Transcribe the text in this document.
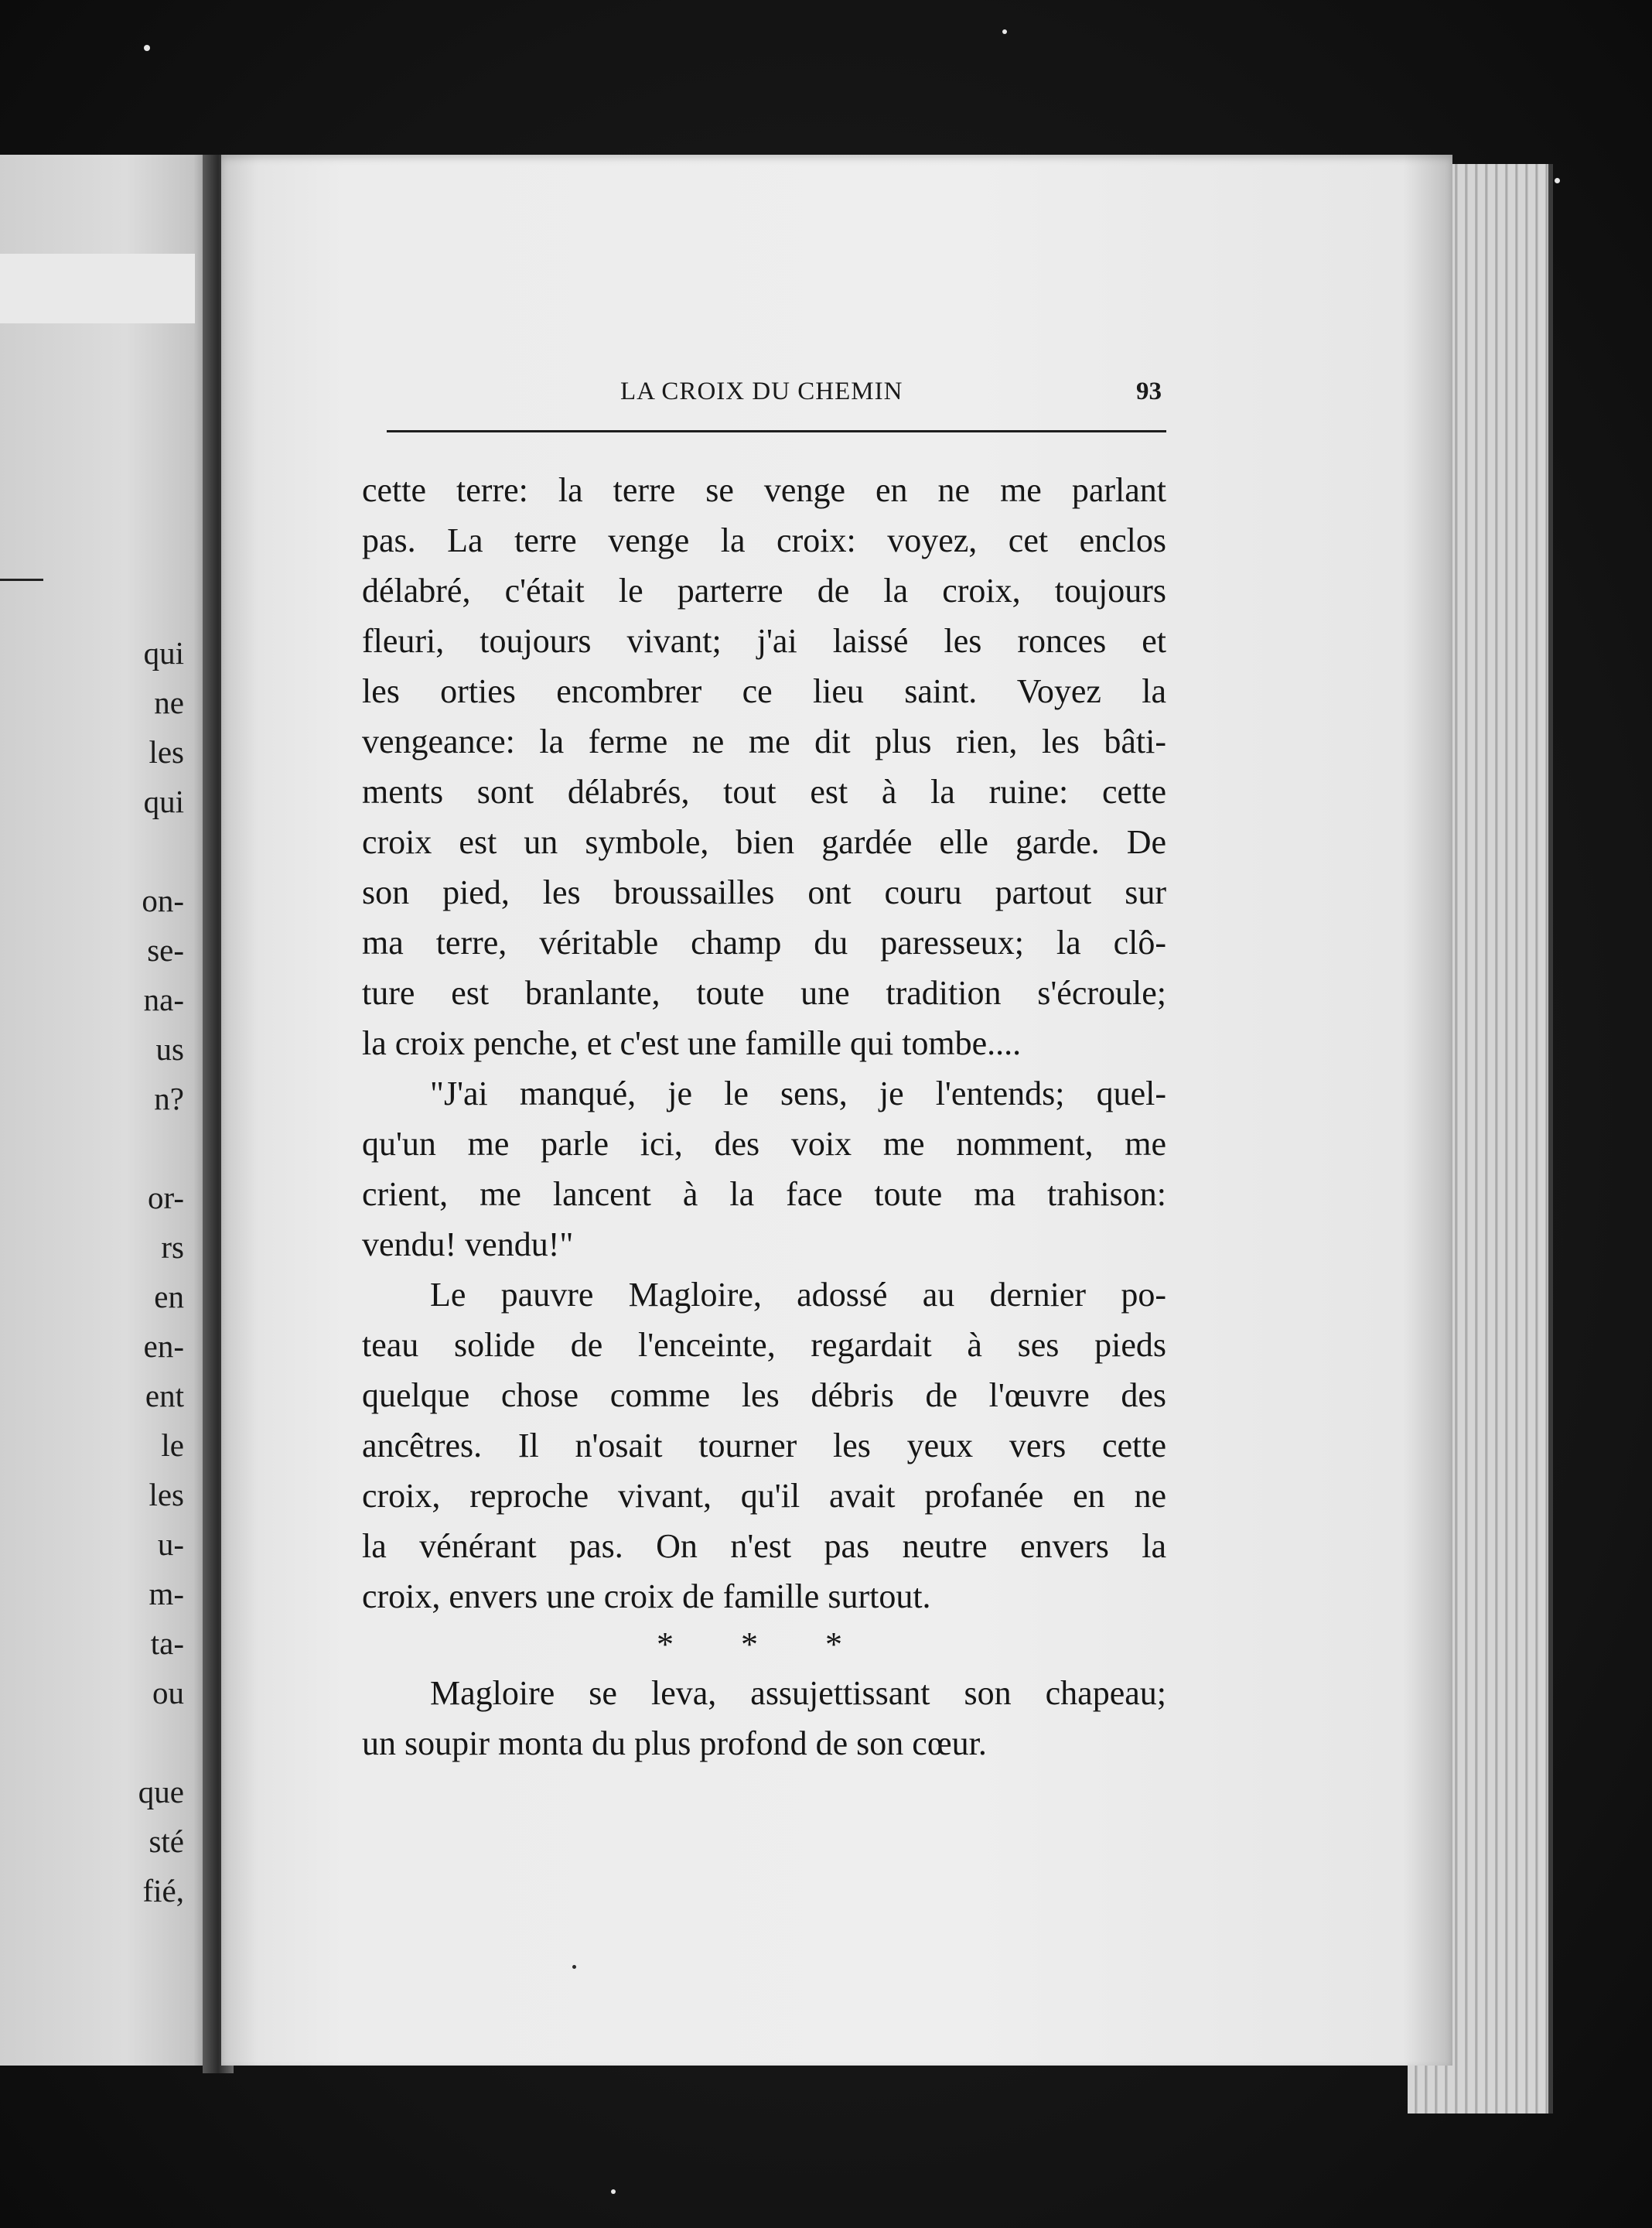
qui
ne
les
qui
on-
se-
na-
us
n?
or-
rs
en
en-
ent
le
les
u-
m-
ta-
ou
que
sté
fié,
LA CROIX DU CHEMIN	93
cette terre: la terre se venge en ne me parlant
pas. La terre venge la croix: voyez, cet enclos
délabré, c'était le parterre de la croix, toujours
fleuri, toujours vivant; j'ai laissé les ronces et
les orties encombrer ce lieu saint. Voyez la
vengeance: la ferme ne me dit plus rien, les bâti-
ments sont délabrés, tout est à la ruine: cette
croix est un symbole, bien gardée elle garde. De
son pied, les broussailles ont couru partout sur
ma terre, véritable champ du paresseux; la clô-
ture est branlante, toute une tradition s'écroule;
la croix penche, et c'est une famille qui tombe....
"J'ai manqué, je le sens, je l'entends; quel-
qu'un me parle ici, des voix me nomment, me
crient, me lancent à la face toute ma trahison:
vendu! vendu!"
Le pauvre Magloire, adossé au dernier po-
teau solide de l'enceinte, regardait à ses pieds
quelque chose comme les débris de l'œuvre des
ancêtres. Il n'osait tourner les yeux vers cette
croix, reproche vivant, qu'il avait profanée en ne
la vénérant pas. On n'est pas neutre envers la
croix, envers une croix de famille surtout.
* * *
Magloire se leva, assujettissant son chapeau;
un soupir monta du plus profond de son cœur.
